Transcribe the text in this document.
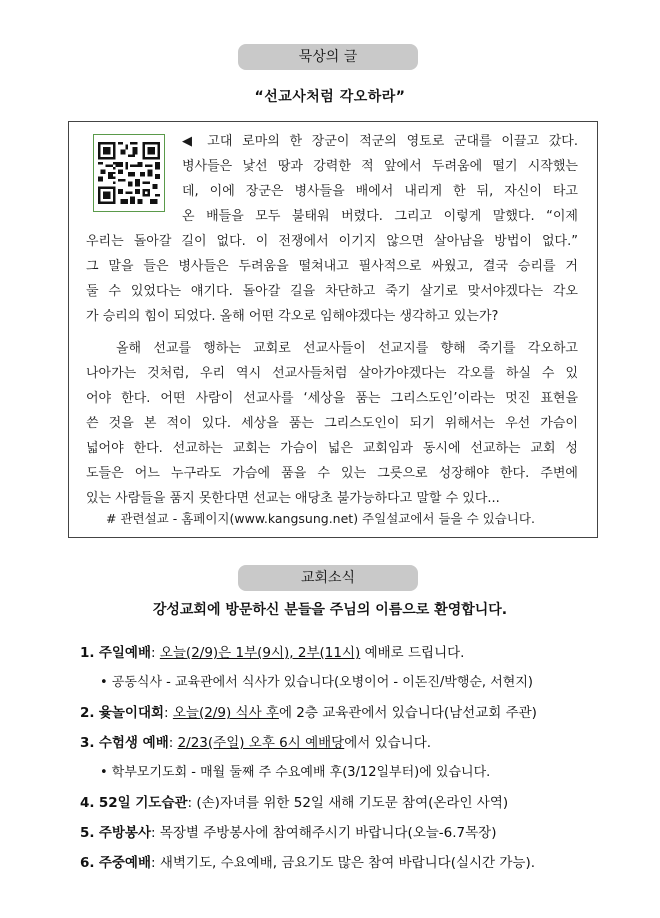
묵상의 글
“선교사처럼 각오하라”
◀ 고대 로마의 한 장군이 적군의 영토로 군대를 이끌고 갔다.
병사들은 낯선 땅과 강력한 적 앞에서 두려움에 떨기 시작했는
데, 이에 장군은 병사들을 배에서 내리게 한 뒤, 자신이 타고
온 배들을 모두 불태워 버렸다. 그리고 이렇게 말했다. “이제
우리는 돌아갈 길이 없다. 이 전쟁에서 이기지 않으면 살아남을 방법이 없다.”
그 말을 들은 병사들은 두려움을 떨쳐내고 필사적으로 싸웠고, 결국 승리를 거
둘 수 있었다는 얘기다. 돌아갈 길을 차단하고 죽기 살기로 맞서야겠다는 각오
가 승리의 힘이 되었다. 올해 어떤 각오로 임해야겠다는 생각하고 있는가?
올해 선교를 행하는 교회로 선교사들이 선교지를 향해 죽기를 각오하고
나아가는 것처럼, 우리 역시 선교사들처럼 살아가야겠다는 각오를 하실 수 있
어야 한다. 어떤 사람이 선교사를 ‘세상을 품는 그리스도인’이라는 멋진 표현을
쓴 것을 본 적이 있다. 세상을 품는 그리스도인이 되기 위해서는 우선 가슴이
넓어야 한다. 선교하는 교회는 가슴이 넓은 교회임과 동시에 선교하는 교회 성
도들은 어느 누구라도 가슴에 품을 수 있는 그릇으로 성장해야 한다. 주변에
있는 사람들을 품지 못한다면 선교는 애당초 불가능하다고 말할 수 있다...
# 관련설교 - 홈페이지(www.kangsung.net) 주일설교에서 들을 수 있습니다.
교회소식
강성교회에 방문하신 분들을 주님의 이름으로 환영합니다.
1. 주일예배: 오늘(2/9)은 1부(9시), 2부(11시) 예배로 드립니다.
• 공동식사 - 교육관에서 식사가 있습니다(오병이어 - 이돈진/박행순, 서현지)
2. 윷놀이대회: 오늘(2/9) 식사 후에 2층 교육관에서 있습니다(남선교회 주관)
3. 수험생 예배: 2/23(주일) 오후 6시 예배당에서 있습니다.
• 학부모기도회 - 매월 둘째 주 수요예배 후(3/12일부터)에 있습니다.
4. 52일 기도습관: (손)자녀를 위한 52일 새해 기도문 참여(온라인 사역)
5. 주방봉사: 목장별 주방봉사에 참여해주시기 바랍니다(오늘-6.7목장)
6. 주중예배: 새벽기도, 수요예배, 금요기도 많은 참여 바랍니다(실시간 가능).
